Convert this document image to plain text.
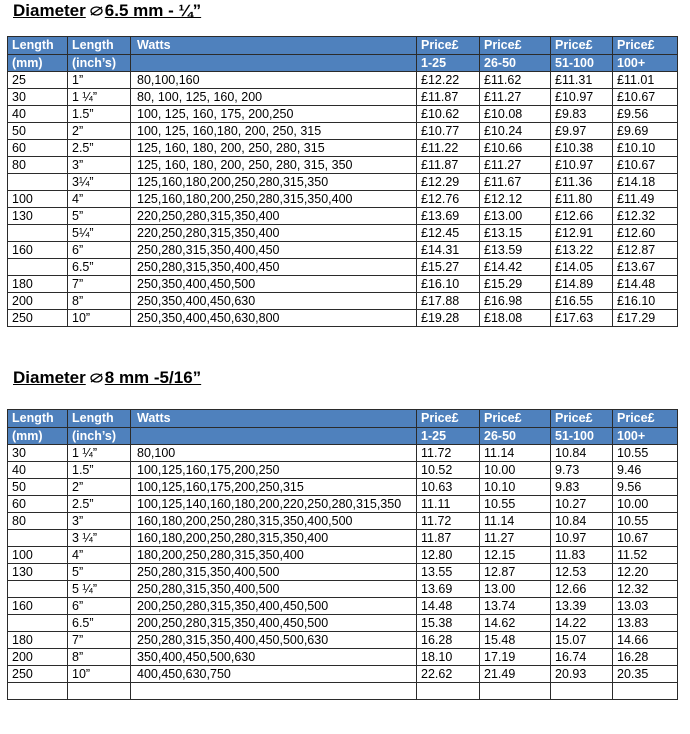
Diameter 6.5 mm - ¼”
Length	Length	Watts	Price£	Price£	Price£	Price£
(mm)	(inch’s)		1-25	26-50	51-100	100+
25	1”	80,100,160	£12.22	£11.62	£11.31	£11.01
30	1 ¼”	80, 100, 125, 160, 200	£11.87	£11.27	£10.97	£10.67
40	1.5”	100, 125, 160, 175, 200,250	£10.62	£10.08	£9.83	£9.56
50	2”	100, 125, 160,180, 200, 250, 315	£10.77	£10.24	£9.97	£9.69
60	2.5”	125, 160, 180, 200, 250, 280, 315	£11.22	£10.66	£10.38	£10.10
80	3”	125, 160, 180, 200, 250, 280, 315, 350	£11.87	£11.27	£10.97	£10.67
	3¼”	125,160,180,200,250,280,315,350	£12.29	£11.67	£11.36	£14.18
100	4”	125,160,180,200,250,280,315,350,400	£12.76	£12.12	£11.80	£11.49
130	5”	220,250,280,315,350,400	£13.69	£13.00	£12.66	£12.32
	5¼”	220,250,280,315,350,400	£12.45	£13.15	£12.91	£12.60
160	6”	250,280,315,350,400,450	£14.31	£13.59	£13.22	£12.87
	6.5”	250,280,315,350,400,450	£15.27	£14.42	£14.05	£13.67
180	7”	250,350,400,450,500	£16.10	£15.29	£14.89	£14.48
200	8”	250,350,400,450,630	£17.88	£16.98	£16.55	£16.10
250	10”	250,350,400,450,630,800	£19.28	£18.08	£17.63	£17.29
Diameter 8 mm -5/16”
Length	Length	Watts	Price£	Price£	Price£	Price£
(mm)	(inch’s)		1-25	26-50	51-100	100+
30	1 ¼”	80,100	11.72	11.14	10.84	10.55
40	1.5”	100,125,160,175,200,250	10.52	10.00	9.73	9.46
50	2”	100,125,160,175,200,250,315	10.63	10.10	9.83	9.56
60	2.5”	100,125,140,160,180,200,220,250,280,315,350	11.11	10.55	10.27	10.00
80	3”	160,180,200,250,280,315,350,400,500	11.72	11.14	10.84	10.55
	3 ¼”	160,180,200,250,280,315,350,400	11.87	11.27	10.97	10.67
100	4”	180,200,250,280,315,350,400	12.80	12.15	11.83	11.52
130	5”	250,280,315,350,400,500	13.55	12.87	12.53	12.20
	5 ¼”	250,280,315,350,400,500	13.69	13.00	12.66	12.32
160	6”	200,250,280,315,350,400,450,500	14.48	13.74	13.39	13.03
	6.5”	200,250,280,315,350,400,450,500	15.38	14.62	14.22	13.83
180	7”	250,280,315,350,400,450,500,630	16.28	15.48	15.07	14.66
200	8”	350,400,450,500,630	18.10	17.19	16.74	16.28
250	10”	400,450,630,750	22.62	21.49	20.93	20.35
